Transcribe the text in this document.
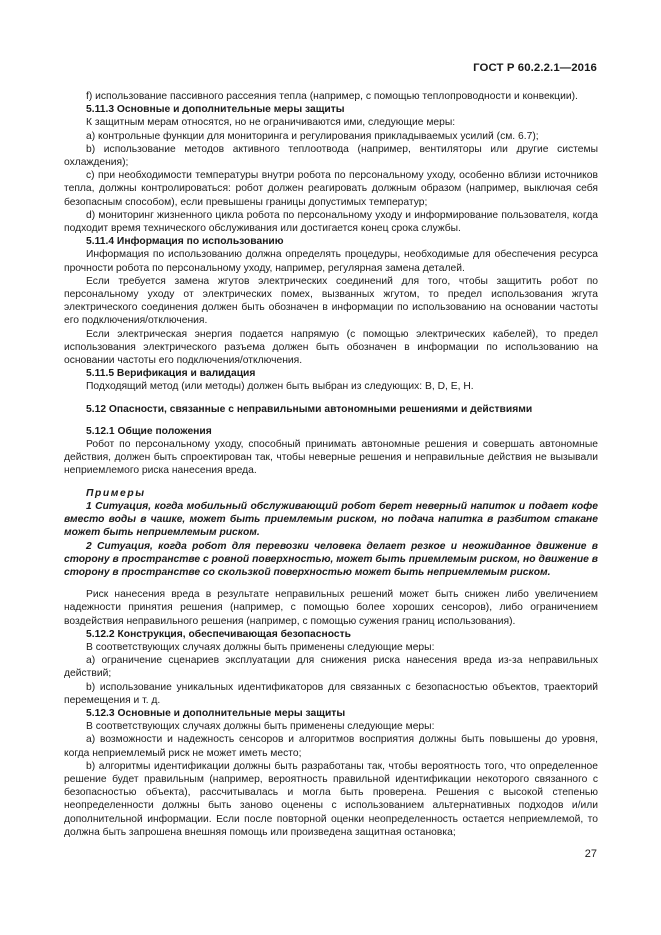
ГОСТ Р 60.2.2.1—2016

f) использование пассивного рассеяния тепла (например, с помощью теплопроводности и конвекции).

5.11.3 Основные и дополнительные меры защиты

К защитным мерам относятся, но не ограничиваются ими, следующие меры:

a) контрольные функции для мониторинга и регулирования прикладываемых усилий (см. 6.7);

b) использование методов активного теплоотвода (например, вентиляторы или другие системы охлаждения);

c) при необходимости температуры внутри робота по персональному уходу, особенно вблизи источников тепла, должны контролироваться: робот должен реагировать должным образом (например, выключая себя безопасным способом), если превышены границы допустимых температур;

d) мониторинг жизненного цикла робота по персональному уходу и информирование пользователя, когда подходит время технического обслуживания или достигается конец срока службы.

5.11.4 Информация по использованию

Информация по использованию должна определять процедуры, необходимые для обеспечения ресурса прочности робота по персональному уходу, например, регулярная замена деталей.

Если требуется замена жгутов электрических соединений для того, чтобы защитить робот по персональному уходу от электрических помех, вызванных жгутом, то предел использования жгута электрического соединения должен быть обозначен в информации по использованию на основании частоты его подключения/отключения.

Если электрическая энергия подается напрямую (с помощью электрических кабелей), то предел использования электрического разъема должен быть обозначен в информации по использованию на основании частоты его подключения/отключения.

5.11.5 Верификация и валидация

Подходящий метод (или методы) должен быть выбран из следующих: B, D, E, H.

5.12 Опасности, связанные с неправильными автономными решениями и действиями

5.12.1 Общие положения

Робот по персональному уходу, способный принимать автономные решения и совершать автономные действия, должен быть спроектирован так, чтобы неверные решения и неправильные действия не вызывали неприемлемого риска нанесения вреда.

Примеры

1 Ситуация, когда мобильный обслуживающий робот берет неверный напиток и подает кофе вместо воды в чашке, может быть приемлемым риском, но подача напитка в разбитом стакане может быть неприемлемым риском.

2 Ситуация, когда робот для перевозки человека делает резкое и неожиданное движение в сторону в пространстве с ровной поверхностью, может быть приемлемым риском, но движение в сторону в пространстве со скользкой поверхностью может быть неприемлемым риском.

Риск нанесения вреда в результате неправильных решений может быть снижен либо увеличением надежности принятия решения (например, с помощью более хороших сенсоров), либо ограничением воздействия неправильного решения (например, с помощью сужения границ использования).

5.12.2 Конструкция, обеспечивающая безопасность

В соответствующих случаях должны быть применены следующие меры:

a) ограничение сценариев эксплуатации для снижения риска нанесения вреда из-за неправильных действий;

b) использование уникальных идентификаторов для связанных с безопасностью объектов, траекторий перемещения и т. д.

5.12.3 Основные и дополнительные меры защиты

В соответствующих случаях должны быть применены следующие меры:

a) возможности и надежность сенсоров и алгоритмов восприятия должны быть повышены до уровня, когда неприемлемый риск не может иметь место;

b) алгоритмы идентификации должны быть разработаны так, чтобы вероятность того, что определенное решение будет правильным (например, вероятность правильной идентификации некоторого связанного с безопасностью объекта), рассчитывалась и могла быть проверена. Решения с высокой степенью неопределенности должны быть заново оценены с использованием альтернативных подходов и/или дополнительной информации. Если после повторной оценки неопределенность остается неприемлемой, то должна быть запрошена внешняя помощь или произведена защитная остановка;

27
